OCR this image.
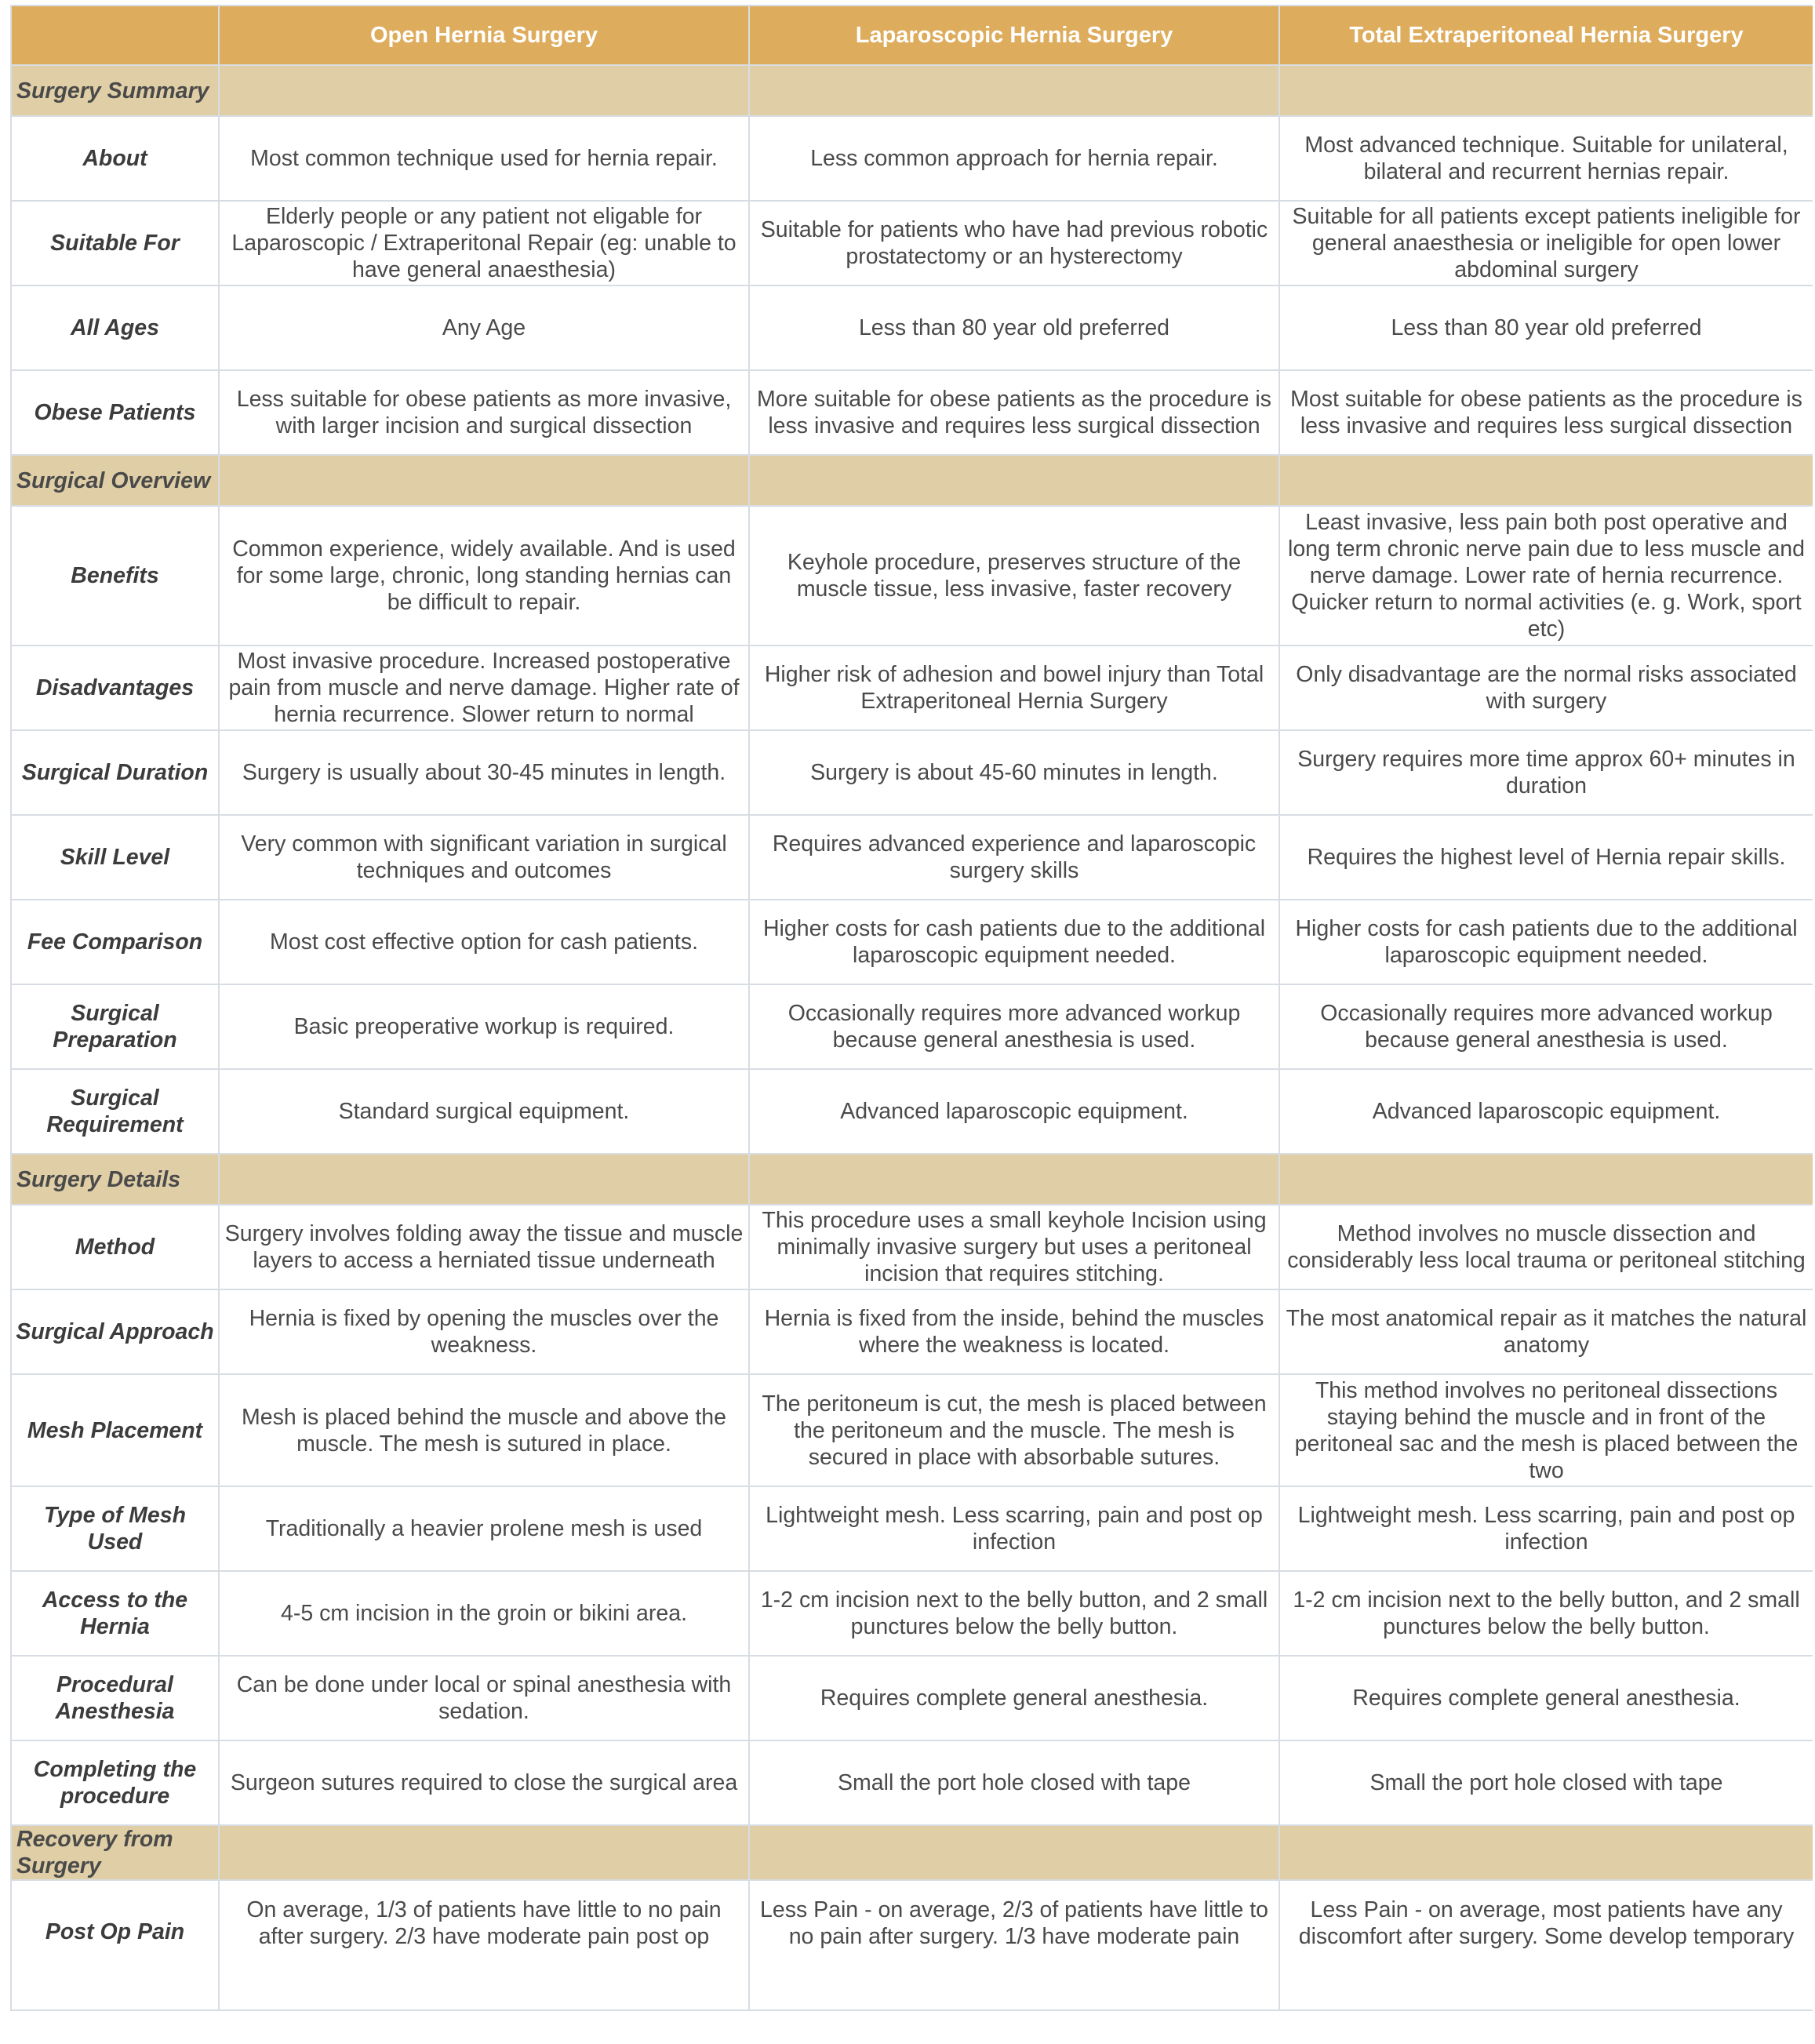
	Open Hernia Surgery	Laparoscopic Hernia Surgery	Total Extraperitoneal Hernia Surgery
Surgery Summary			
About	Most common technique used for hernia repair.	Less common approach for hernia repair.	Most advanced technique. Suitable for unilateral, bilateral and recurrent hernias repair.
Suitable For	Elderly people or any patient not eligable for Laparoscopic / Extraperitonal Repair (eg: unable to have general anaesthesia)	Suitable for patients who have had previous robotic prostatectomy or an hysterectomy	Suitable for all patients except patients ineligible for general anaesthesia or ineligible for open lower abdominal surgery
All Ages	Any Age	Less than 80 year old preferred	Less than 80 year old preferred
Obese Patients	Less suitable for obese patients as more invasive, with larger incision and surgical dissection	More suitable for obese patients as the procedure is less invasive and requires less surgical dissection	Most suitable for obese patients as the procedure is less invasive and requires less surgical dissection
Surgical Overview			
Benefits	Common experience, widely available. And is used for some large, chronic, long standing hernias can be difficult to repair.	Keyhole procedure, preserves structure of the muscle tissue, less invasive, faster recovery	Least invasive, less pain both post operative and long term chronic nerve pain due to less muscle and nerve damage. Lower rate of hernia recurrence. Quicker return to normal activities (e. g. Work, sport etc)
Disadvantages	Most invasive procedure. Increased postoperative pain from muscle and nerve damage. Higher rate of hernia recurrence. Slower return to normal	Higher risk of adhesion and bowel injury than Total Extraperitoneal Hernia Surgery	Only disadvantage are the normal risks associated with surgery
Surgical Duration	Surgery is usually about 30-45 minutes in length.	Surgery is about 45-60 minutes in length.	Surgery requires more time approx 60+ minutes in duration
Skill Level	Very common with significant variation in surgical techniques and outcomes	Requires advanced experience and laparoscopic surgery skills	Requires the highest level of Hernia repair skills.
Fee Comparison	Most cost effective option for cash patients.	Higher costs for cash patients due to the additional laparoscopic equipment needed.	Higher costs for cash patients due to the additional laparoscopic equipment needed.
Surgical Preparation	Basic preoperative workup is required.	Occasionally requires more advanced workup because general anesthesia is used.	Occasionally requires more advanced workup because general anesthesia is used.
Surgical Requirement	Standard surgical equipment.	Advanced laparoscopic equipment.	Advanced laparoscopic equipment.
Surgery Details			
Method	Surgery involves folding away the tissue and muscle layers to access a herniated tissue underneath	This procedure uses a small keyhole Incision using minimally invasive surgery but uses a peritoneal incision that requires stitching.	Method involves no muscle dissection and considerably less local trauma or peritoneal stitching
Surgical Approach	Hernia is fixed by opening the muscles over the weakness.	Hernia is fixed from the inside, behind the muscles where the weakness is located.	The most anatomical repair as it matches the natural anatomy
Mesh Placement	Mesh is placed behind the muscle and above the muscle. The mesh is sutured in place.	The peritoneum is cut, the mesh is placed between the peritoneum and the muscle. The mesh is secured in place with absorbable sutures.	This method involves no peritoneal dissections staying behind the muscle and in front of the peritoneal sac and the mesh is placed between the two
Type of Mesh Used	Traditionally a heavier prolene mesh is used	Lightweight mesh. Less scarring, pain and post op infection	Lightweight mesh. Less scarring, pain and post op infection
Access to the Hernia	4-5 cm incision in the groin or bikini area.	1-2 cm incision next to the belly button, and 2 small punctures below the belly button.	1-2 cm incision next to the belly button, and 2 small punctures below the belly button.
Procedural Anesthesia	Can be done under local or spinal anesthesia with sedation.	Requires complete general anesthesia.	Requires complete general anesthesia.
Completing the procedure	Surgeon sutures required to close the surgical area	Small the port hole closed with tape	Small the port hole closed with tape
Recovery from Surgery			
Post Op Pain	On average, 1/3 of patients have little to no pain after surgery. 2/3 have moderate pain post op	Less Pain - on average, 2/3 of patients have little to no pain after surgery. 1/3 have moderate pain	Less Pain - on average, most patients have any discomfort after surgery. Some develop temporary
